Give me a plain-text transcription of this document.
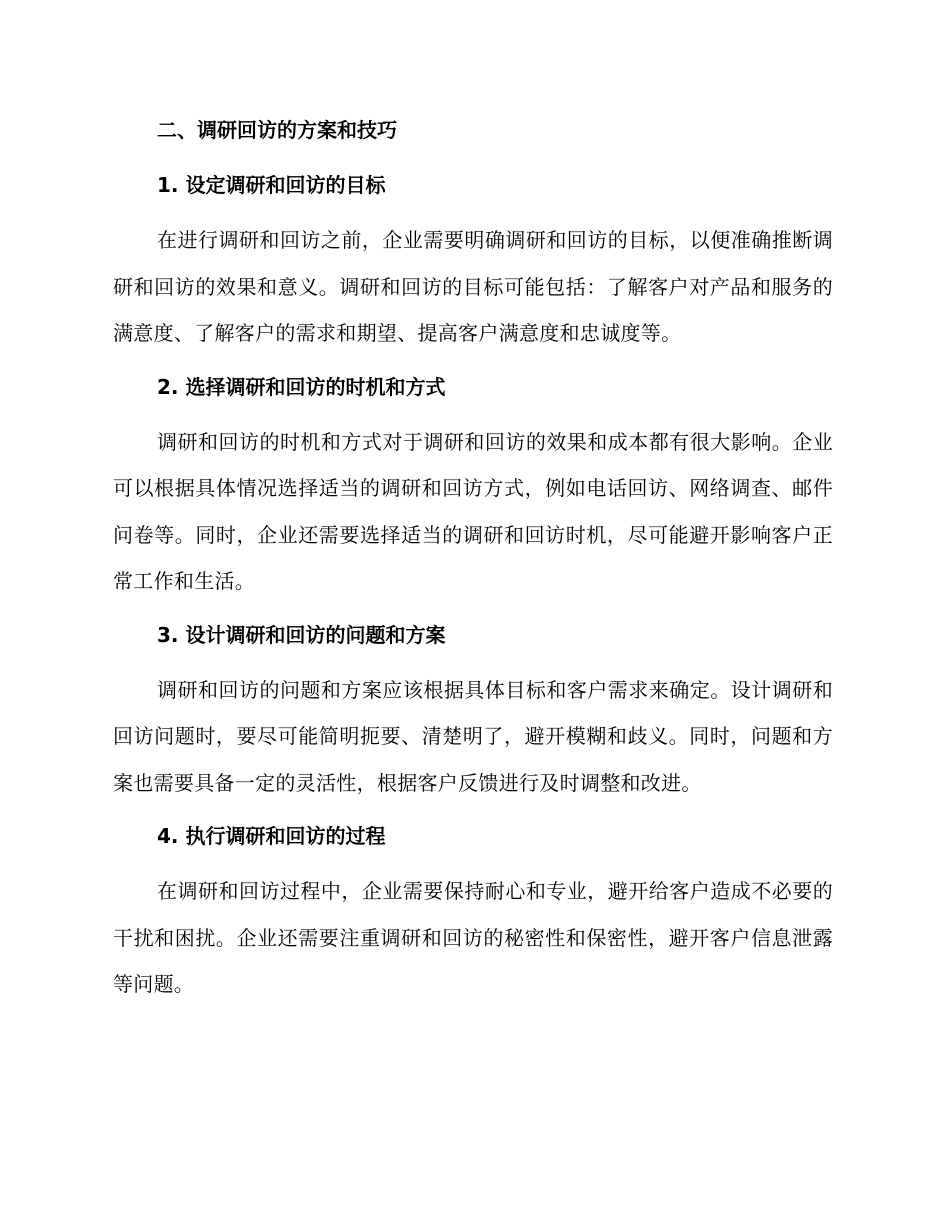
二、调研回访的方案和技巧
1. 设定调研和回访的目标

在进行调研和回访之前，企业需要明确调研和回访的目标，以便准确推断调研和回访的效果和意义。调研和回访的目标可能包括：了解客户对产品和服务的满意度、了解客户的需求和期望、提高客户满意度和忠诚度等。

2. 选择调研和回访的时机和方式

调研和回访的时机和方式对于调研和回访的效果和成本都有很大影响。企业可以根据具体情况选择适当的调研和回访方式，例如电话回访、网络调查、邮件问卷等。同时，企业还需要选择适当的调研和回访时机，尽可能避开影响客户正常工作和生活。

3. 设计调研和回访的问题和方案

调研和回访的问题和方案应该根据具体目标和客户需求来确定。设计调研和回访问题时，要尽可能简明扼要、清楚明了，避开模糊和歧义。同时，问题和方案也需要具备一定的灵活性，根据客户反馈进行及时调整和改进。

4. 执行调研和回访的过程

在调研和回访过程中，企业需要保持耐心和专业，避开给客户造成不必要的干扰和困扰。企业还需要注重调研和回访的秘密性和保密性，避开客户信息泄露等问题。
